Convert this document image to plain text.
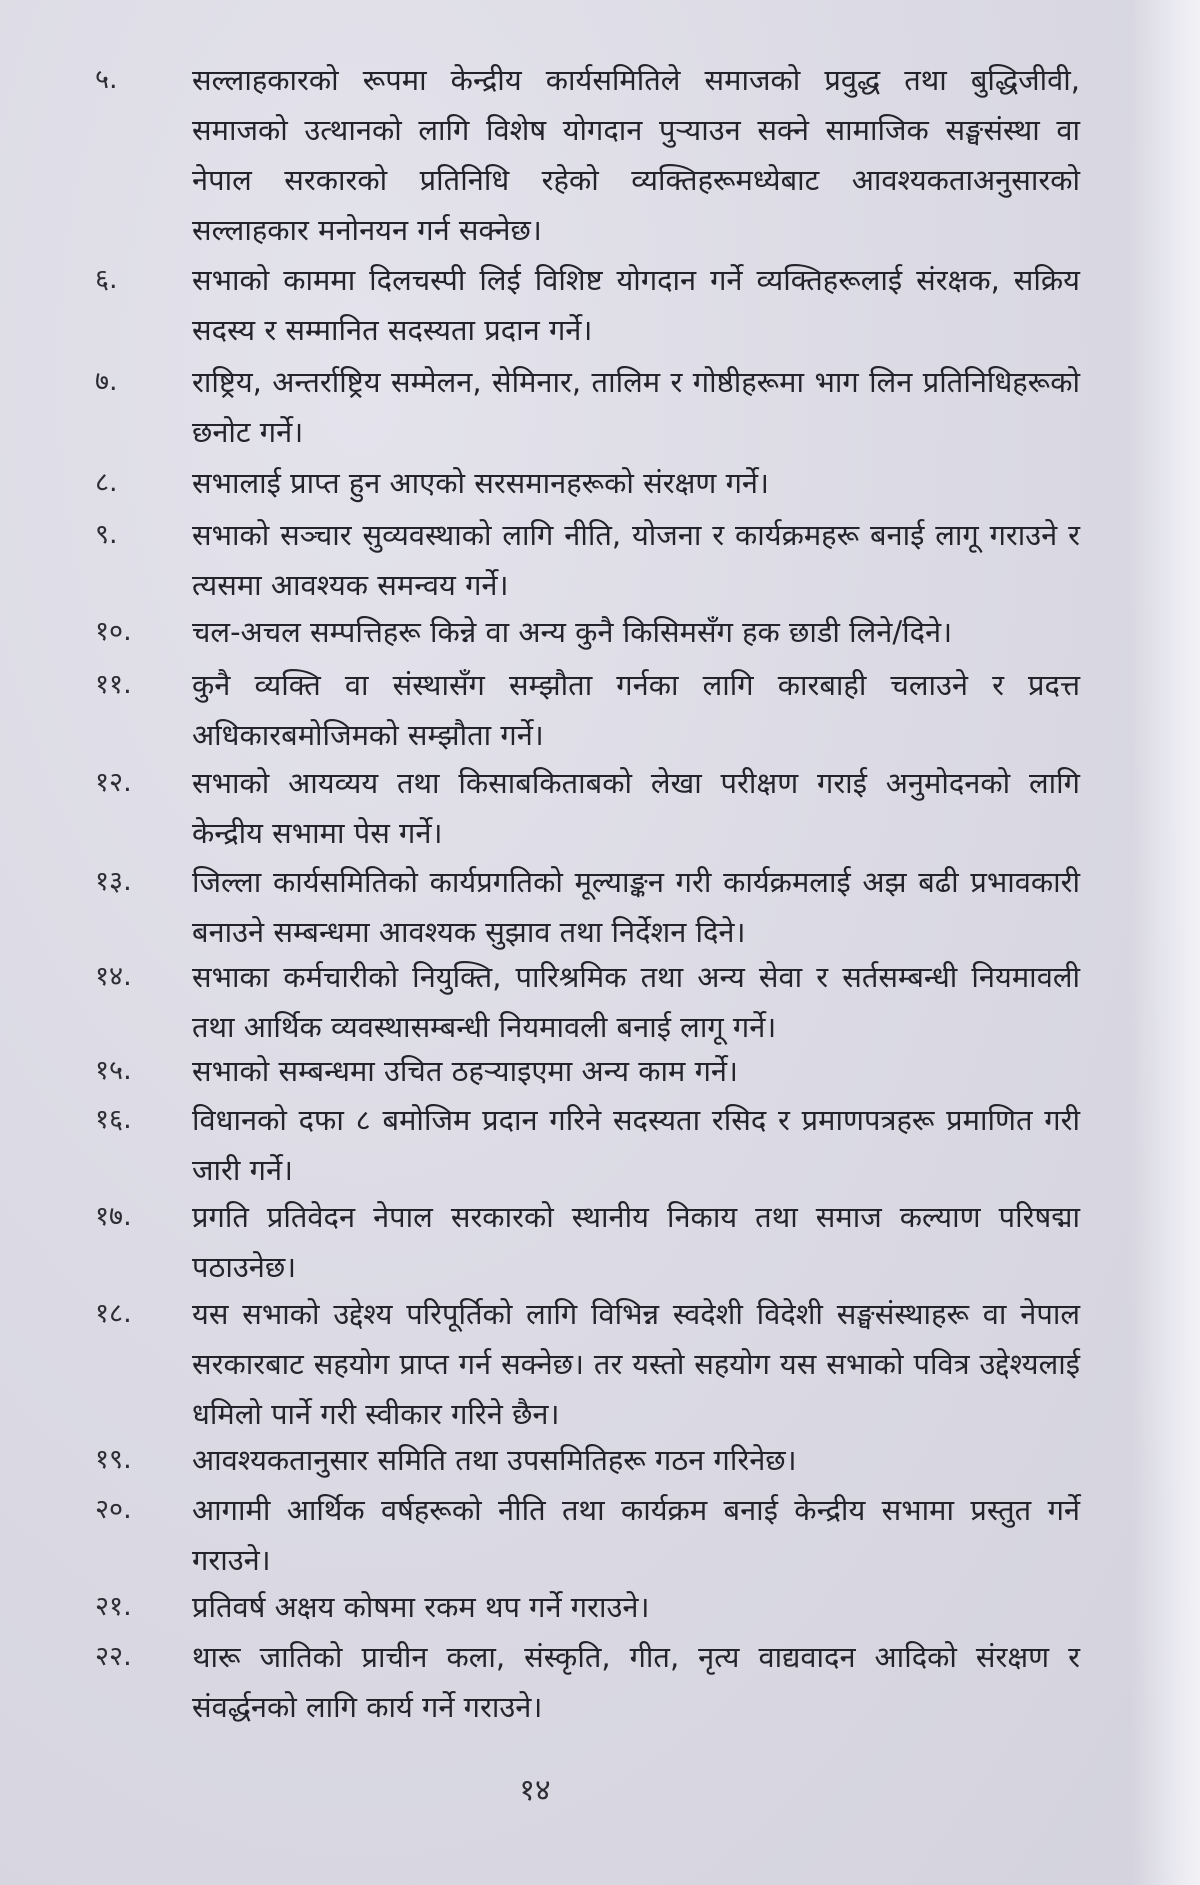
५.	सल्लाहकारको रूपमा केन्द्रीय कार्यसमितिले समाजको प्रवुद्ध तथा बुद्धिजीवी, समाजको उत्थानको लागि विशेष योगदान पुऱ्याउन सक्ने सामाजिक सङ्घसंस्था वा नेपाल सरकारको प्रतिनिधि रहेको व्यक्तिहरूमध्येबाट आवश्यकताअनुसारको सल्लाहकार मनोनयन गर्न सक्नेछ।
६.	सभाको काममा दिलचस्पी लिई विशिष्ट योगदान गर्ने व्यक्तिहरूलाई संरक्षक, सक्रिय सदस्य र सम्मानित सदस्यता प्रदान गर्ने।
७.	राष्ट्रिय, अन्तर्राष्ट्रिय सम्मेलन, सेमिनार, तालिम र गोष्ठीहरूमा भाग लिन प्रतिनिधिहरूको छनोट गर्ने।
८.	सभालाई प्राप्त हुन आएको सरसमानहरूको संरक्षण गर्ने।
९.	सभाको सञ्चार सुव्यवस्थाको लागि नीति, योजना र कार्यक्रमहरू बनाई लागू गराउने र त्यसमा आवश्यक समन्वय गर्ने।
१०.	चल-अचल सम्पत्तिहरू किन्ने वा अन्य कुनै किसिमसँग हक छाडी लिने/दिने।
११.	कुनै व्यक्ति वा संस्थासँग सम्झौता गर्नका लागि कारबाही चलाउने र प्रदत्त अधिकारबमोजिमको सम्झौता गर्ने।
१२.	सभाको आयव्यय तथा किसाबकिताबको लेखा परीक्षण गराई अनुमोदनको लागि केन्द्रीय सभामा पेस गर्ने।
१३.	जिल्ला कार्यसमितिको कार्यप्रगतिको मूल्याङ्कन गरी कार्यक्रमलाई अझ बढी प्रभावकारी बनाउने सम्बन्धमा आवश्यक सुझाव तथा निर्देशन दिने।
१४.	सभाका कर्मचारीको नियुक्ति, पारिश्रमिक तथा अन्य सेवा र सर्तसम्बन्धी नियमावली तथा आर्थिक व्यवस्थासम्बन्धी नियमावली बनाई लागू गर्ने।
१५.	सभाको सम्बन्धमा उचित ठहऱ्याइएमा अन्य काम गर्ने।
१६.	विधानको दफा ८ बमोजिम प्रदान गरिने सदस्यता रसिद र प्रमाणपत्रहरू प्रमाणित गरी जारी गर्ने।
१७.	प्रगति प्रतिवेदन नेपाल सरकारको स्थानीय निकाय तथा समाज कल्याण परिषद्मा पठाउनेछ।
१८.	यस सभाको उद्देश्य परिपूर्तिको लागि विभिन्न स्वदेशी विदेशी सङ्घसंस्थाहरू वा नेपाल सरकारबाट सहयोग प्राप्त गर्न सक्नेछ। तर यस्तो सहयोग यस सभाको पवित्र उद्देश्यलाई धमिलो पार्ने गरी स्वीकार गरिने छैन।
१९.	आवश्यकतानुसार समिति तथा उपसमितिहरू गठन गरिनेछ।
२०.	आगामी आर्थिक वर्षहरूको नीति तथा कार्यक्रम बनाई केन्द्रीय सभामा प्रस्तुत गर्ने गराउने।
२१.	प्रतिवर्ष अक्षय कोषमा रकम थप गर्ने गराउने।
२२.	थारू जातिको प्राचीन कला, संस्कृति, गीत, नृत्य वाद्यवादन आदिको संरक्षण र संवर्द्धनको लागि कार्य गर्ने गराउने।
१४
